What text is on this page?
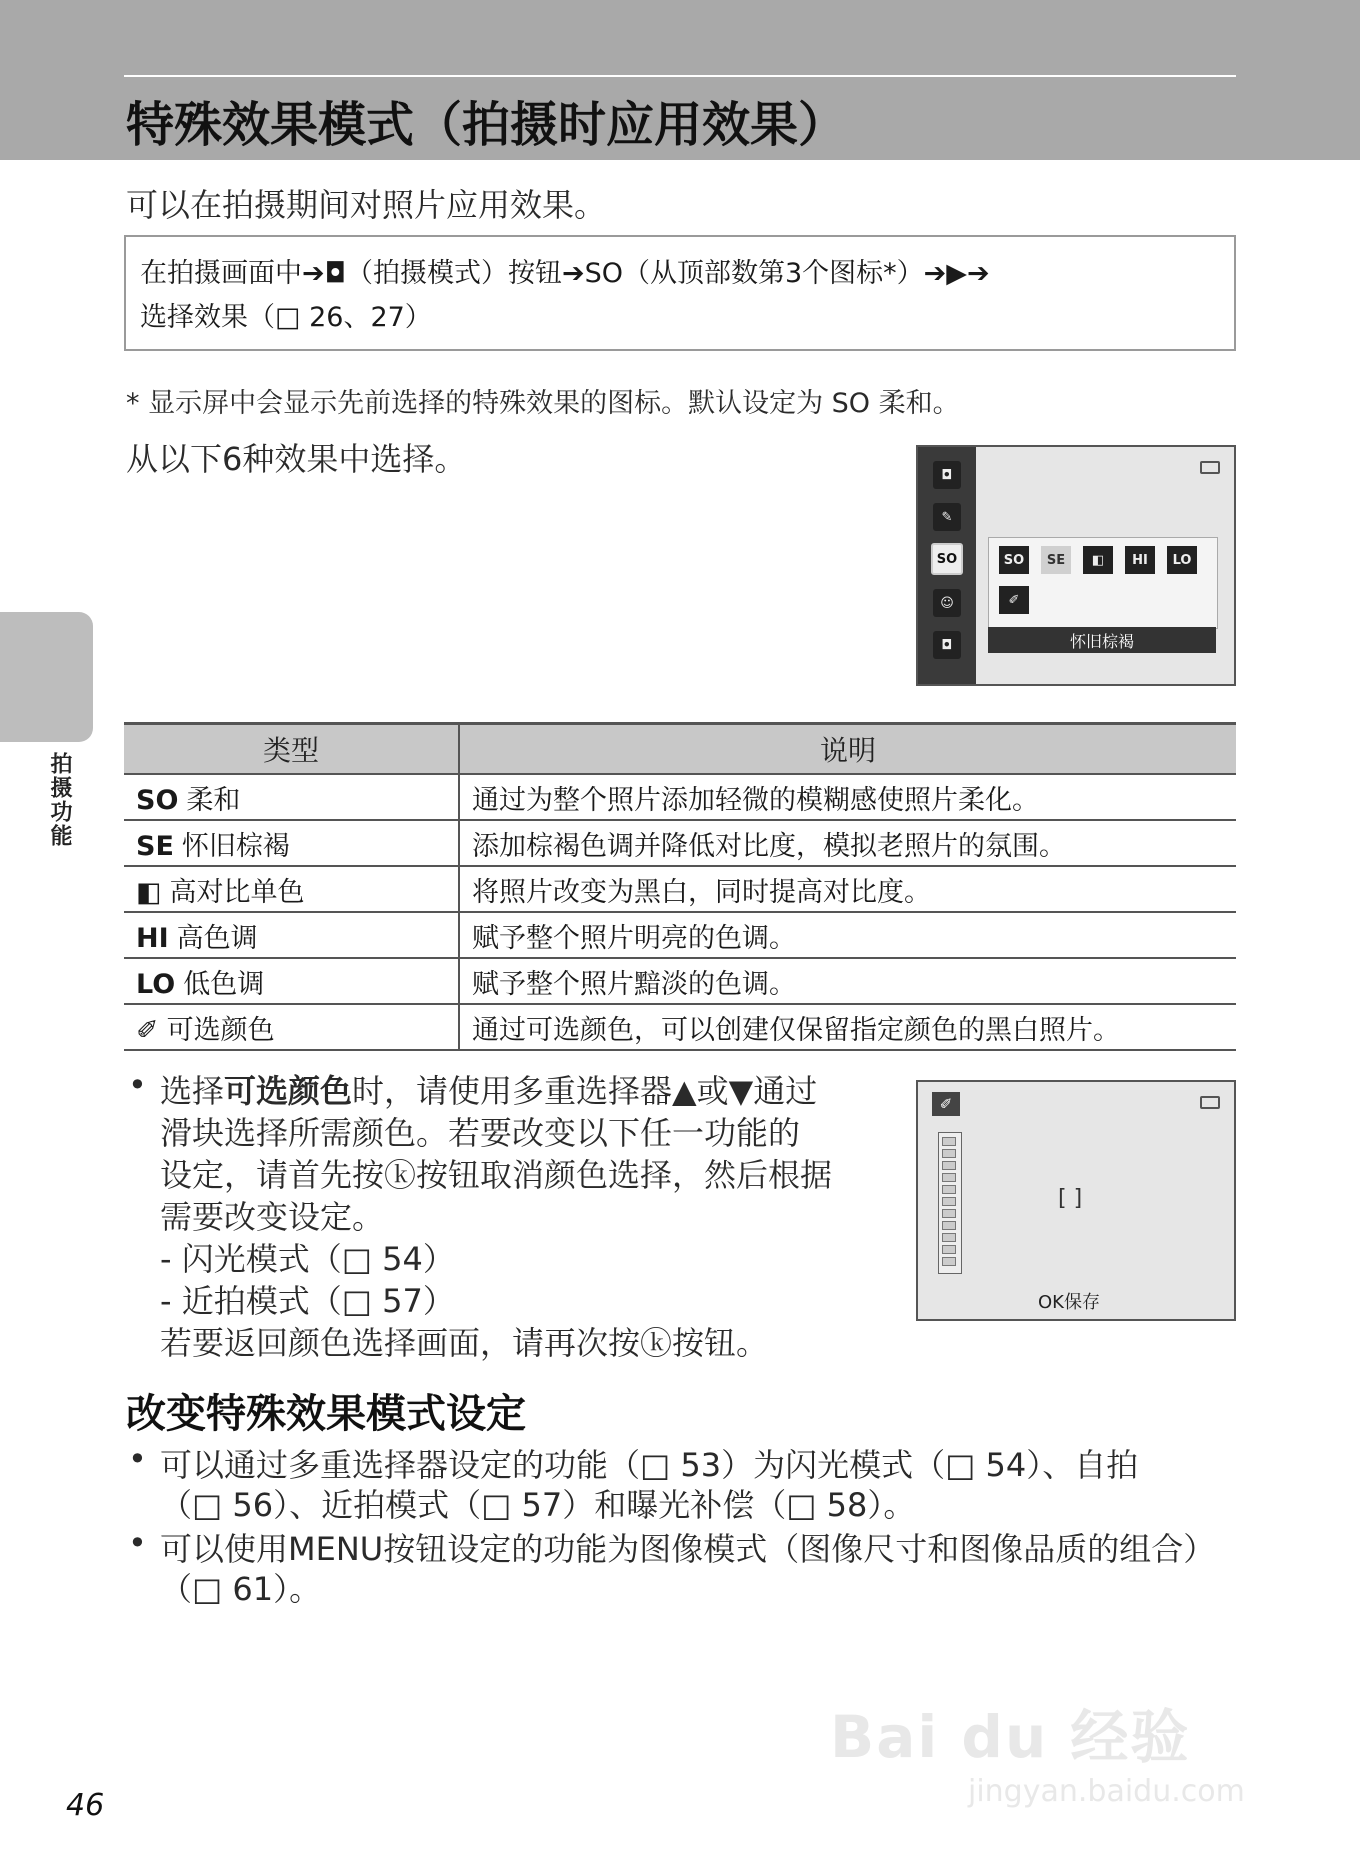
特殊效果模式（拍摄时应用效果）
拍摄功能
可以在拍摄期间对照片应用效果。
在拍摄画面中➔◘（拍摄模式）按钮➔SO（从顶部数第3个图标*）➔▶➔
选择效果（□ 26、27）
* 显示屏中会显示先前选择的特殊效果的图标。默认设定为 SO 柔和。
从以下6种效果中选择。	◘
✎
SO
☺
◘
SO	SE	◧	HI	LO
✐
怀旧棕褐
类型	说明
SO 柔和	通过为整个照片添加轻微的模糊感使照片柔化。
SE 怀旧棕褐	添加棕褐色调并降低对比度，模拟老照片的氛围。
◧ 高对比单色	将照片改变为黑白，同时提高对比度。
HI 高色调	赋予整个照片明亮的色调。
LO 低色调	赋予整个照片黯淡的色调。
✐ 可选颜色	通过可选颜色，可以创建仅保留指定颜色的黑白照片。
• 选择可选颜色时，请使用多重选择器▲或▼通过
滑块选择所需颜色。若要改变以下任一功能的
设定，请首先按ⓚ按钮取消颜色选择，然后根据
需要改变设定。
- 闪光模式（□ 54）
- 近拍模式（□ 57）
若要返回颜色选择画面，请再次按ⓚ按钮。
✐
[ ]
OK保存
改变特殊效果模式设定
• 可以通过多重选择器设定的功能（□ 53）为闪光模式（□ 54）、自拍
（□ 56）、近拍模式（□ 57）和曝光补偿（□ 58）。
• 可以使用MENU按钮设定的功能为图像模式（图像尺寸和图像品质的组合）
（□ 61）。
Bai du 经验
jingyan.baidu.com
46
